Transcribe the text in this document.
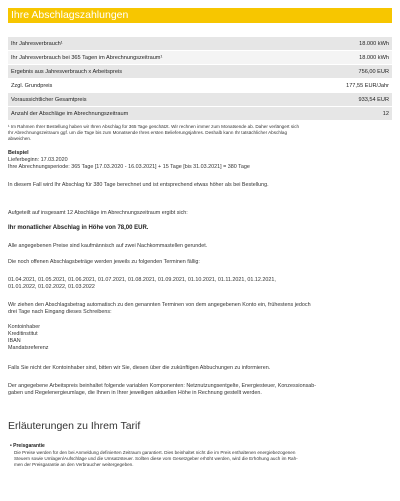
Ihre Abschlagszahlungen
Ihr Jahresverbrauch¹	18.000 kWh
Ihr Jahresverbrauch bei 365 Tagen im Abrechnungszeitraum¹	18.000 kWh
Ergebnis aus Jahresverbrauch x Arbeitspreis	756,00 EUR
Zzgl. Grundpreis	177,55 EUR/Jahr
Voraussichtlicher Gesamtpreis	933,54 EUR
Anzahl der Abschläge im Abrechnungszeitraum	12
¹ Im Rahmen Ihrer Bestellung haben wir Ihren Abschlag für 365 Tage geschätzt. Wir rechnen immer zum Monatsende ab. Daher verlängert sich
Ihr Abrechnungszeitraum ggf. um die Tage bis zum Monatsende Ihres ersten Belieferungsjahres. Deshalb kann Ihr tatsächlicher Abschlag
abweichen.
Beispiel
Lieferbeginn: 17.03.2020
Ihre Abrechnungsperiode: 365 Tage [17.03.2020 - 16.03.2021] + 15 Tage [bis 31.03.2021] = 380 Tage
In diesem Fall wird Ihr Abschlag für 380 Tage berechnet und ist entsprechend etwas höher als bei Bestellung.
Aufgeteilt auf insgesamt 12 Abschläge im Abrechnungszeitraum ergibt sich:
Ihr monatlicher Abschlag in Höhe von 78,00 EUR.
Alle angegebenen Preise sind kaufmännisch auf zwei Nachkommastellen gerundet.
Die noch offenen Abschlagsbeträge werden jeweils zu folgenden Terminen fällig:
01.04.2021, 01.05.2021, 01.06.2021, 01.07.2021, 01.08.2021, 01.09.2021, 01.10.2021, 01.11.2021, 01.12.2021,
01.01.2022, 01.02.2022, 01.03.2022
Wir ziehen den Abschlagsbetrag automatisch zu den genannten Terminen von dem angegebenen Konto ein, frühestens jedoch
drei Tage nach Eingang dieses Schreibens:
Kontoinhaber
Kreditinstitut
IBAN
Mandatsreferenz
Falls Sie nicht der Kontoinhaber sind, bitten wir Sie, diesen über die zukünftigen Abbuchungen zu informieren.
Der angegebene Arbeitspreis beinhaltet folgende variablen Komponenten: Netznutzungsentgelte, Energiesteuer, Konzessionsab-
gaben und Regelenergieumlage, die Ihnen in Ihrer jeweiligen aktuellen Höhe in Rechnung gestellt werden.
Erläuterungen zu Ihrem Tarif
• Preisgarantie
Die Preise werden für den bei Anmeldung definierten Zeitraum garantiert. Dies beinhaltet nicht die im Preis enthaltenen energiebezogenen
Steuern sowie Umlagen/Aufschläge und die Umsatzsteuer. Sollten diese vom Gesetzgeber erhöht werden, wird die Erhöhung auch im Rah-
men der Preisgarantie an den Verbraucher weitergegeben.
